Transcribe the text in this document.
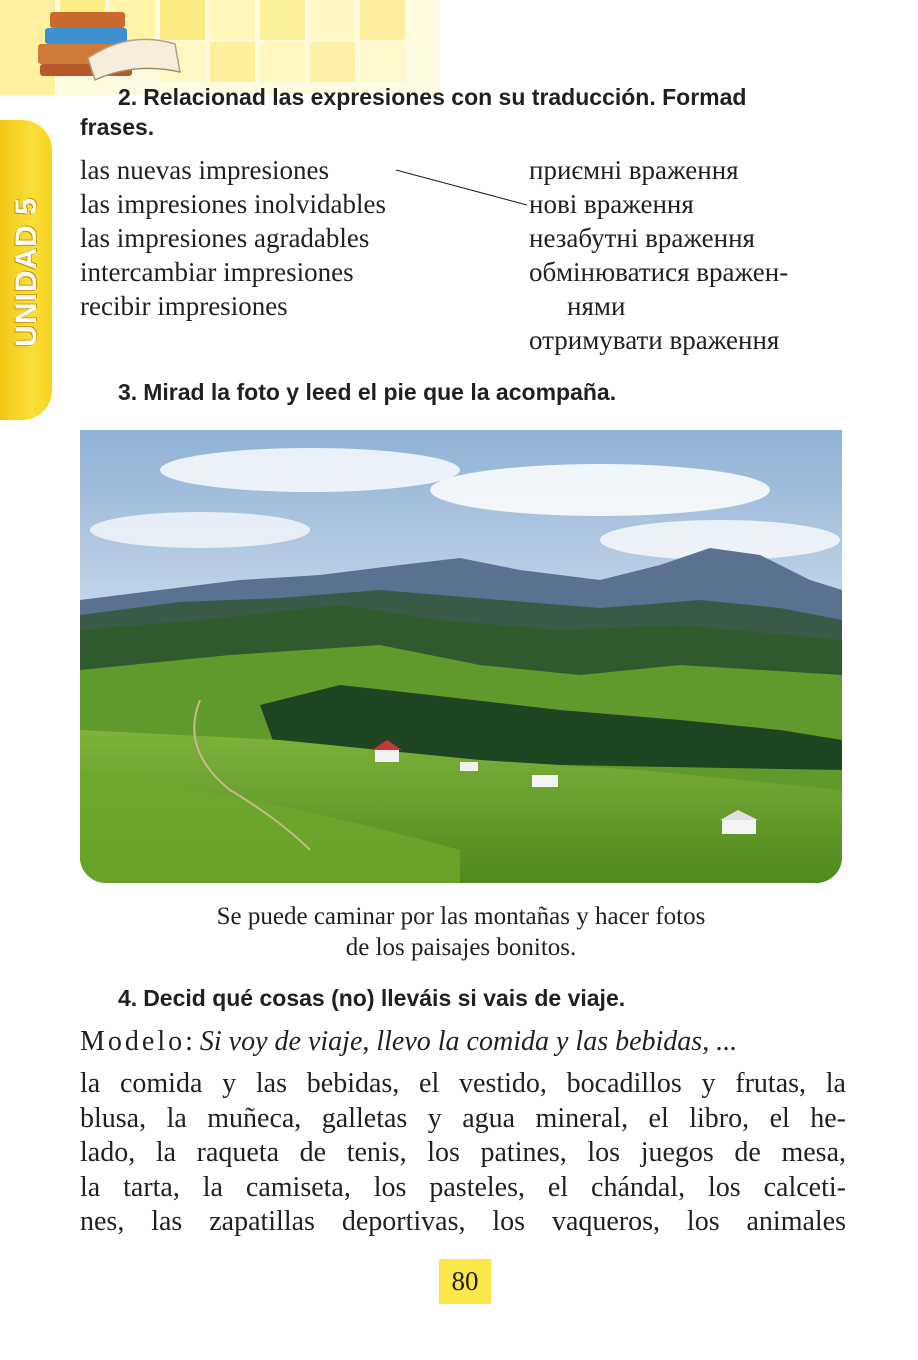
UNIDAD 5
2. Relacionad las expresiones con su traducción. Formad
frases.
las nuevas impresiones
las impresiones inolvidables
las impresiones agradables
intercambiar impresiones
recibir impresiones
приємні враження
нові враження
незабутні враження
обмінюватися вражен-
нями
отримувати враження
3. Mirad la foto y leed el pie que la acompaña.
Se puede caminar por las montañas y hacer fotos
de los paisajes bonitos.
4. Decid qué cosas (no) lleváis si vais de viaje.
Modelo: Si voy de viaje, llevo la comida y las bebidas, ...
la comida y las bebidas, el vestido, bocadillos y frutas, la
blusa, la muñeca, galletas y agua mineral, el libro, el he-
lado, la raqueta de tenis, los patines, los juegos de mesa,
la tarta, la camiseta, los pasteles, el chándal, los calceti-
nes, las zapatillas deportivas, los vaqueros, los animales
80
